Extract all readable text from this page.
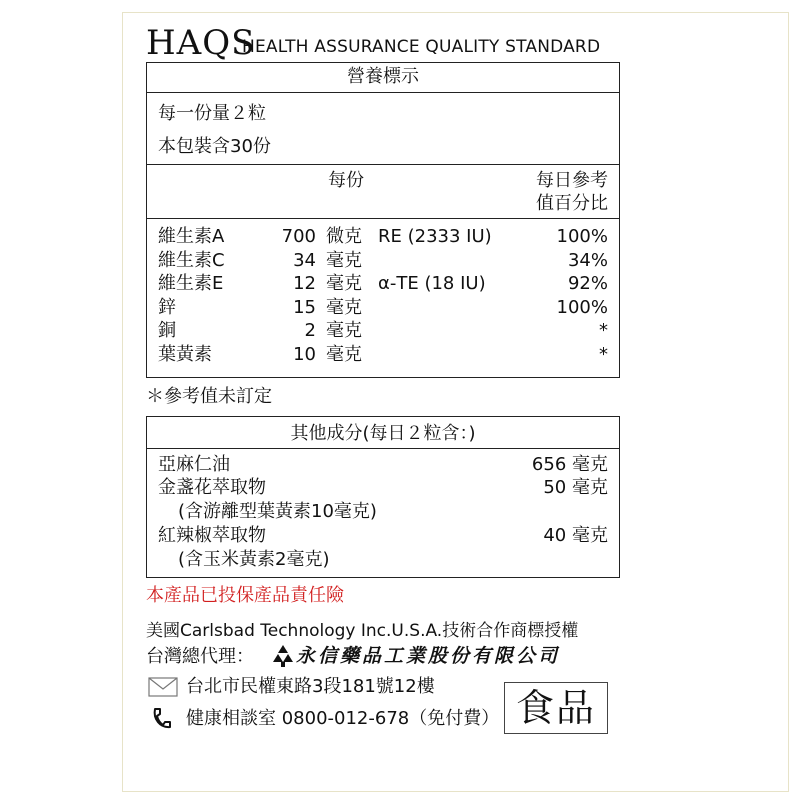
HAQS
HEALTH ASSURANCE QUALITY STANDARD
營養標示
每一份量２粒
本包裝含30份
每份	每日參考
值百分比
維生素A	700 微克 RE (2333 IU)	100%
維生素C	34 毫克	34%
維生素E	12 毫克 α-TE (18 IU)	92%
鋅	15 毫克	100%
銅	2 毫克	*
葉黃素	10 毫克	*
＊參考值未訂定
其他成分(每日２粒含：)
亞麻仁油	656 毫克
金盞花萃取物	50 毫克
(含游離型葉黃素10毫克)
紅辣椒萃取物	40 毫克
(含玉米黃素2毫克)
本產品已投保產品責任險
美國Carlsbad Technology Inc.U.S.A.技術合作商標授權
台灣總代理： 永信藥品工業股份有限公司
台北市民權東路3段181號12樓
健康相談室 0800-012-678（免付費） 食品
